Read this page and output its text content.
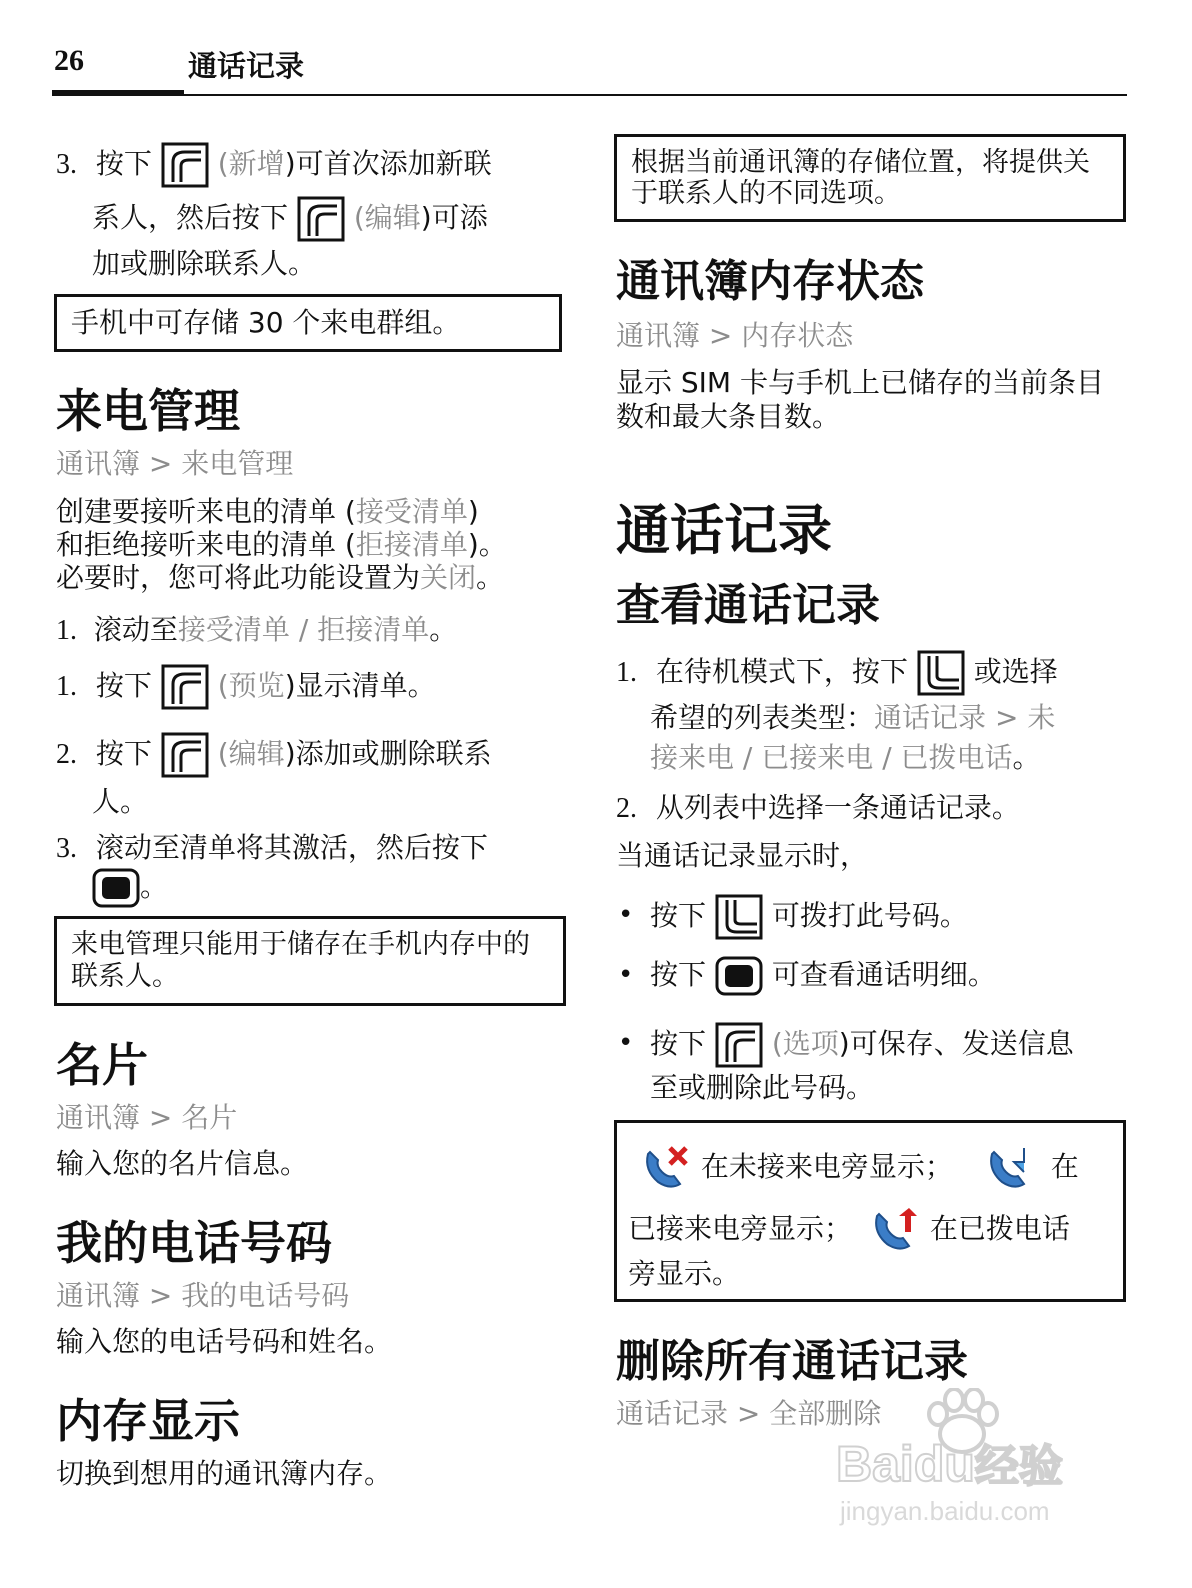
26	通话记录
3. 按下 (新增)可首次添加新联
系人，然后按下 (编辑)可添
加或删除联系人。
手机中可存储 30 个来电群组。
来电管理
通讯簿 > 来电管理
创建要接听来电的清单 (接受清单)
和拒绝接听来电的清单 (拒接清单)。
必要时，您可将此功能设置为关闭。
1. 滚动至接受清单 / 拒接清单。
1. 按下 (预览)显示清单。
2. 按下 (编辑)添加或删除联系
人。
3. 滚动至清单将其激活，然后按下
。
来电管理只能用于储存在手机内存中的联系人。
名片
通讯簿 > 名片
输入您的名片信息。
我的电话号码
通讯簿 > 我的电话号码
输入您的电话号码和姓名。
内存显示
切换到想用的通讯簿内存。
根据当前通讯簿的存储位置，将提供关于联系人的不同选项。
通讯簿内存状态
通讯簿 > 内存状态
显示 SIM 卡与手机上已储存的当前条目数和最大条目数。
通话记录
查看通话记录
1. 在待机模式下，按下 或选择
希望的列表类型：通话记录 > 未
接来电 / 已接来电 / 已拨电话。
2. 从列表中选择一条通话记录。
当通话记录显示时，
• 按下 可拨打此号码。
• 按下 可查看通话明细。
• 按下 (选项)可保存、发送信息
至或删除此号码。
在未接来电旁显示；	在
已接来电旁显示；	在已拨电话
旁显示。
删除所有通话记录
通话记录 > 全部删除
Baidu经验
jingyan.baidu.com
